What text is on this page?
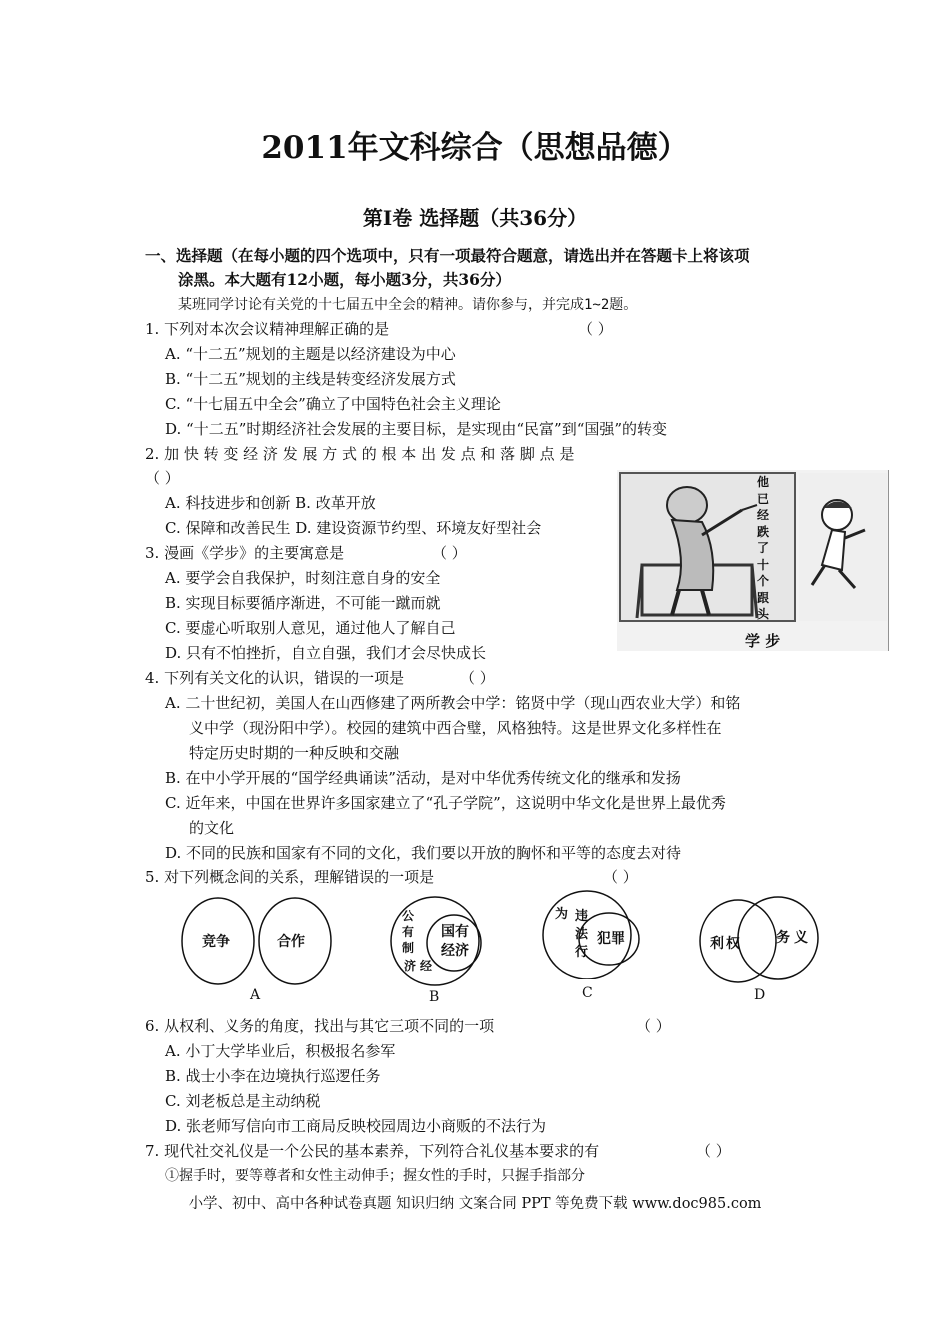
2011年文科综合（思想品德）
第Ⅰ卷 选择题（共36分）
一、选择题（在每小题的四个选项中，只有一项最符合题意，请选出并在答题卡上将该项
涂黑。本大题有12小题，每小题3分，共36分）
某班同学讨论有关党的十七届五中全会的精神。请你参与，并完成1~2题。
1. 下列对本次会议精神理解正确的是	（ ）
A. “十二五”规划的主题是以经济建设为中心
B. “十二五”规划的主线是转变经济发展方式
C. “十七届五中全会”确立了中国特色社会主义理论
D. “十二五”时期经济社会发展的主要目标，是实现由“民富”到“国强”的转变
2. 加 快 转 变 经 济 发 展 方 式 的 根 本 出 发 点 和 落 脚 点 是
（ ）
A. 科技进步和创新 B. 改革开放
C. 保障和改善民生 D. 建设资源节约型、环境友好型社会
他
已
经
跌
了
十
个
跟
头
学 步
3. 漫画《学步》的主要寓意是	（ ）
A. 要学会自我保护，时刻注意自身的安全
B. 实现目标要循序渐进，不可能一蹴而就
C. 要虚心听取别人意见，通过他人了解自己
D. 只有不怕挫折，自立自强，我们才会尽快成长
4. 下列有关文化的认识，错误的一项是	（ ）
A. 二十世纪初，美国人在山西修建了两所教会中学：铭贤中学（现山西农业大学）和铭
义中学（现汾阳中学）。校园的建筑中西合璧，风格独特。这是世界文化多样性在
特定历史时期的一种反映和交融
B. 在中小学开展的“国学经典诵读”活动，是对中华优秀传统文化的继承和发扬
C. 近年来，中国在世界许多国家建立了“孔子学院”，这说明中华文化是世界上最优秀
的文化
D. 不同的民族和国家有不同的文化，我们要以开放的胸怀和平等的态度去对待
5. 对下列概念间的关系，理解错误的一项是	（ ）
竞争	合作
A
公
有
制
济 经
国有
经济
B
为 违
法
行
犯罪
C
利权 务义
D
6. 从权利、义务的角度，找出与其它三项不同的一项	（ ）
A. 小丁大学毕业后，积极报名参军
B. 战士小李在边境执行巡逻任务
C. 刘老板总是主动纳税
D. 张老师写信向市工商局反映校园周边小商贩的不法行为
7. 现代社交礼仪是一个公民的基本素养，下列符合礼仪基本要求的有	（ ）
①握手时，要等尊者和女性主动伸手；握女性的手时，只握手指部分
小学、初中、高中各种试卷真题 知识归纳 文案合同 PPT 等免费下载 www.doc985.com
